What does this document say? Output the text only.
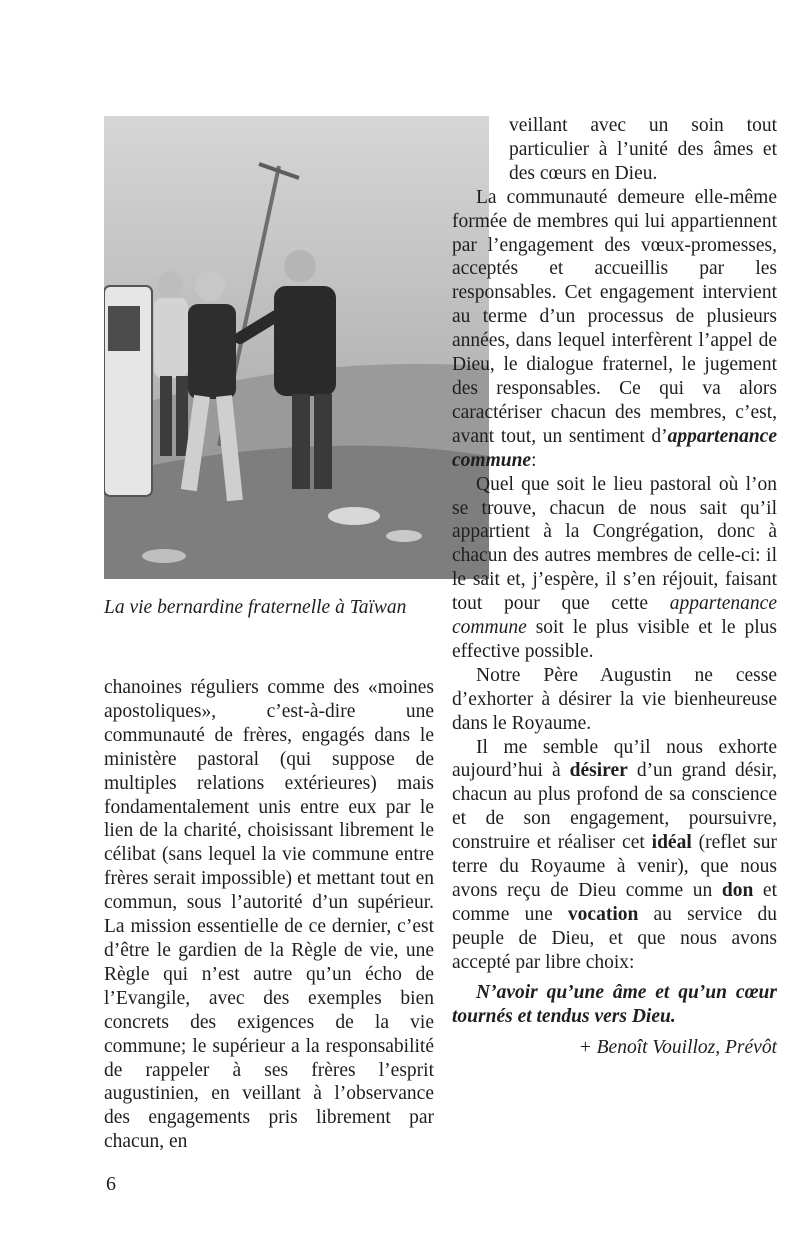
La vie bernardine fraternelle à Taïwan

chanoines réguliers comme des «moines apostoliques», c’est-à-dire une communauté de frères, engagés dans le ministère pastoral (qui suppose de multiples relations extérieures) mais fondamentalement unis entre eux par le lien de la charité, choisissant librement le célibat (sans lequel la vie commune entre frères serait impossible) et mettant tout en commun, sous l’autorité d’un supérieur. La mission essentielle de ce dernier, c’est d’être le gardien de la Règle de vie, une Règle qui n’est autre qu’un écho de l’Evangile, avec des exemples bien concrets des exigences de la vie commune; le supérieur a la responsabilité de rappeler à ses frères l’esprit augustinien, en veillant à l’observance des engagements pris librement par chacun, en

veillant avec un soin tout particulier à l’unité des âmes et des cœurs en Dieu.

La communauté demeure elle-même formée de membres qui lui appartiennent par l’engagement des vœux-promesses, acceptés et accueillis par les responsables. Cet engagement intervient au terme d’un processus de plusieurs années, dans lequel interfèrent l’appel de Dieu, le dialogue fraternel, le jugement des responsables. Ce qui va alors caractériser chacun des membres, c’est, avant tout, un sentiment d’appartenance commune:

Quel que soit le lieu pastoral où l’on se trouve, chacun de nous sait qu’il appartient à la Congrégation, donc à chacun des autres membres de celle-ci: il le sait et, j’espère, il s’en réjouit, faisant tout pour que cette appartenance commune soit le plus visible et le plus effective possible.

Notre Père Augustin ne cesse d’exhorter à désirer la vie bienheureuse dans le Royaume.

Il me semble qu’il nous exhorte aujourd’hui à désirer d’un grand désir, chacun au plus profond de sa conscience et de son engagement, poursuivre, construire et réaliser cet idéal (reflet sur terre du Royaume à venir), que nous avons reçu de Dieu comme un don et comme une vocation au service du peuple de Dieu, et que nous avons accepté par libre choix:

N’avoir qu’une âme et qu’un cœur tournés et tendus vers Dieu.

+ Benoît Vouilloz, Prévôt

6
